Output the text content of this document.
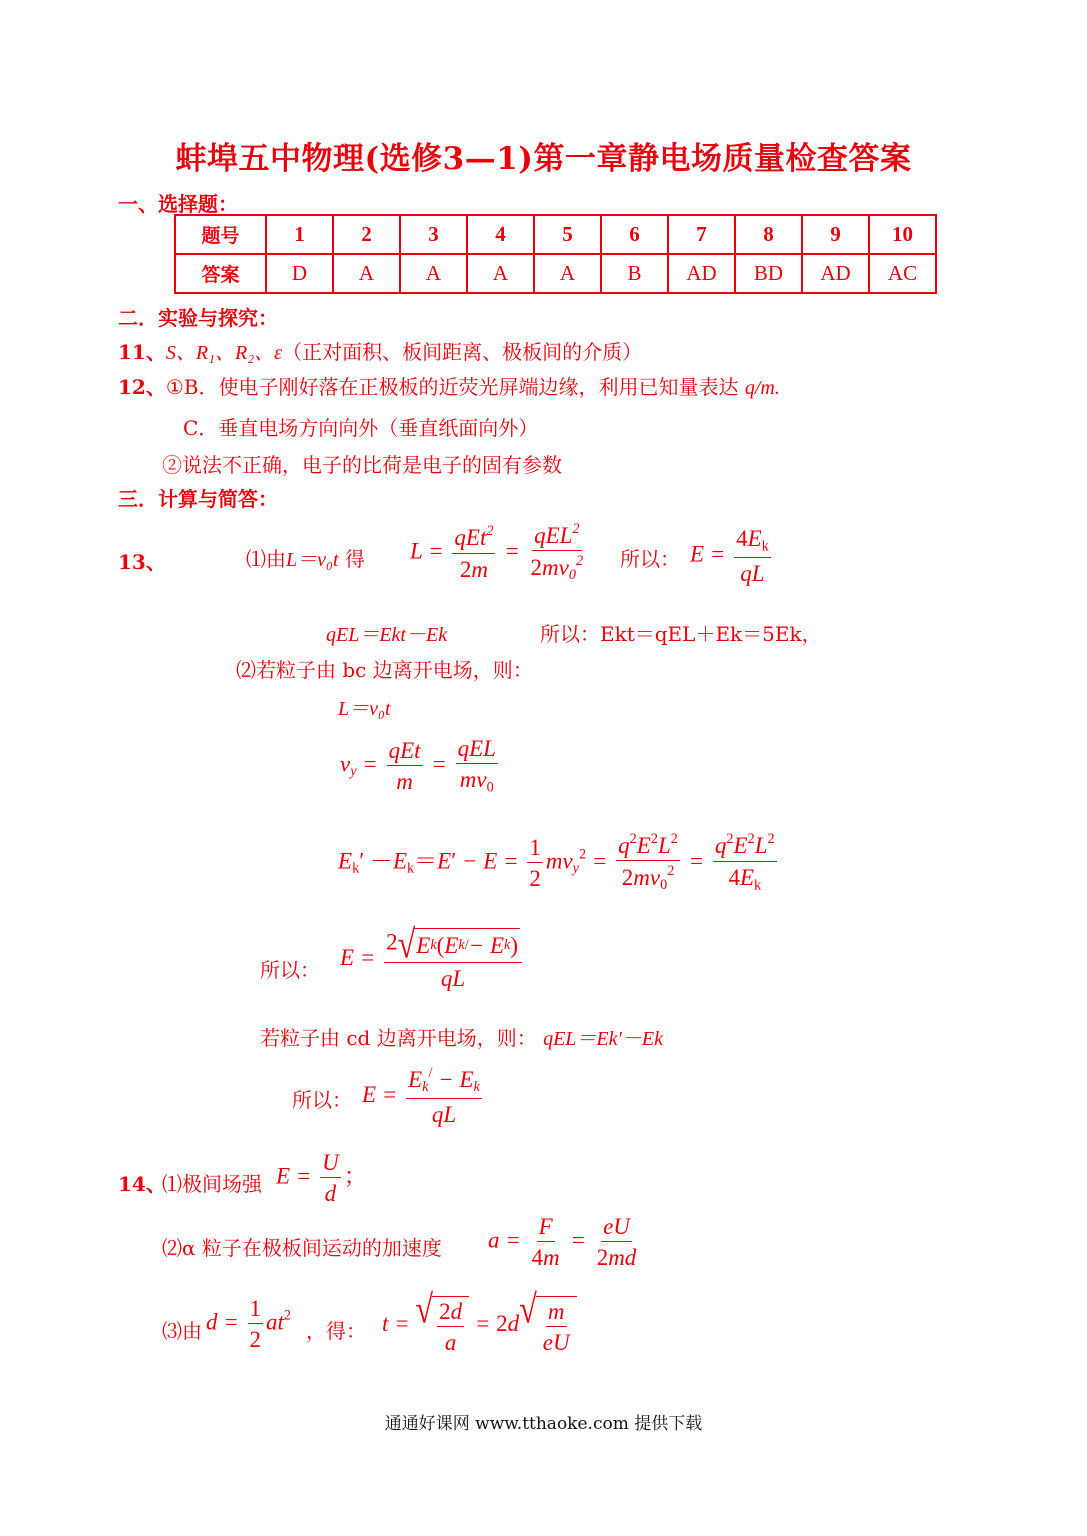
蚌埠五中物理(选修3—1)第一章静电场质量检查答案
一、选择题：
题号	1	2	3	4	5	6	7	8	9	10
答案	D	A	A	A	A	B	AD	BD	AD	AC
二．实验与探究：
11、S、R₁、R₂、ε（正对面积、板间距离、极板间的介质）
12、①B．使电子刚好落在正极板的近荧光屏端边缘，利用已知量表达 q/m.
C．垂直电场方向向外（垂直纸面向外）
②说法不正确，电子的比荷是电子的固有参数
三．计算与简答：
13、	⑴由L＝v₀t 得 $L = \frac{qEt^2}{2m} = \frac{qEL^2}{2mv_0^2}$ 所以： $E = \frac{4E_k}{qL}$
qEL＝Ekt－Ek	所以：Ekt＝qEL＋Ek＝5Ek，
⑵若粒子由 bc 边离开电场，则：
L＝v₀t
$v_y = \frac{\text{qEt}}{m} = \frac{\text{qEL}}{mv_0}$
$E_k' -E_k=E' - E = \frac{1}{2} mv_y^2 = \frac{q^2E^2L^2}{2mv_0^2} = \frac{q^2E^2L^2}{4E_k}$
所以： $E = \frac{\text{2 √ E k ( E k / − E k )}}{qL}$
若粒子由 cd 边离开电场，则： qEL＝Ek′－Ek
所以： $E = \frac{E_k^/ - E_k}{qL}$
14、
⑴极间场强 $E = \frac{U}{d}$ ；
⑵α 粒子在极板间运动的加速度 $a = \frac{F}{4m} = \frac{eU}{2md}$
⑶由 $d = \frac{1}{2} at^2$
，得： t = √ $\frac{2d}{a} = 2d$ √ $\frac{m}{eU}$
通通好课网 www.tthaoke.com 提供下载
